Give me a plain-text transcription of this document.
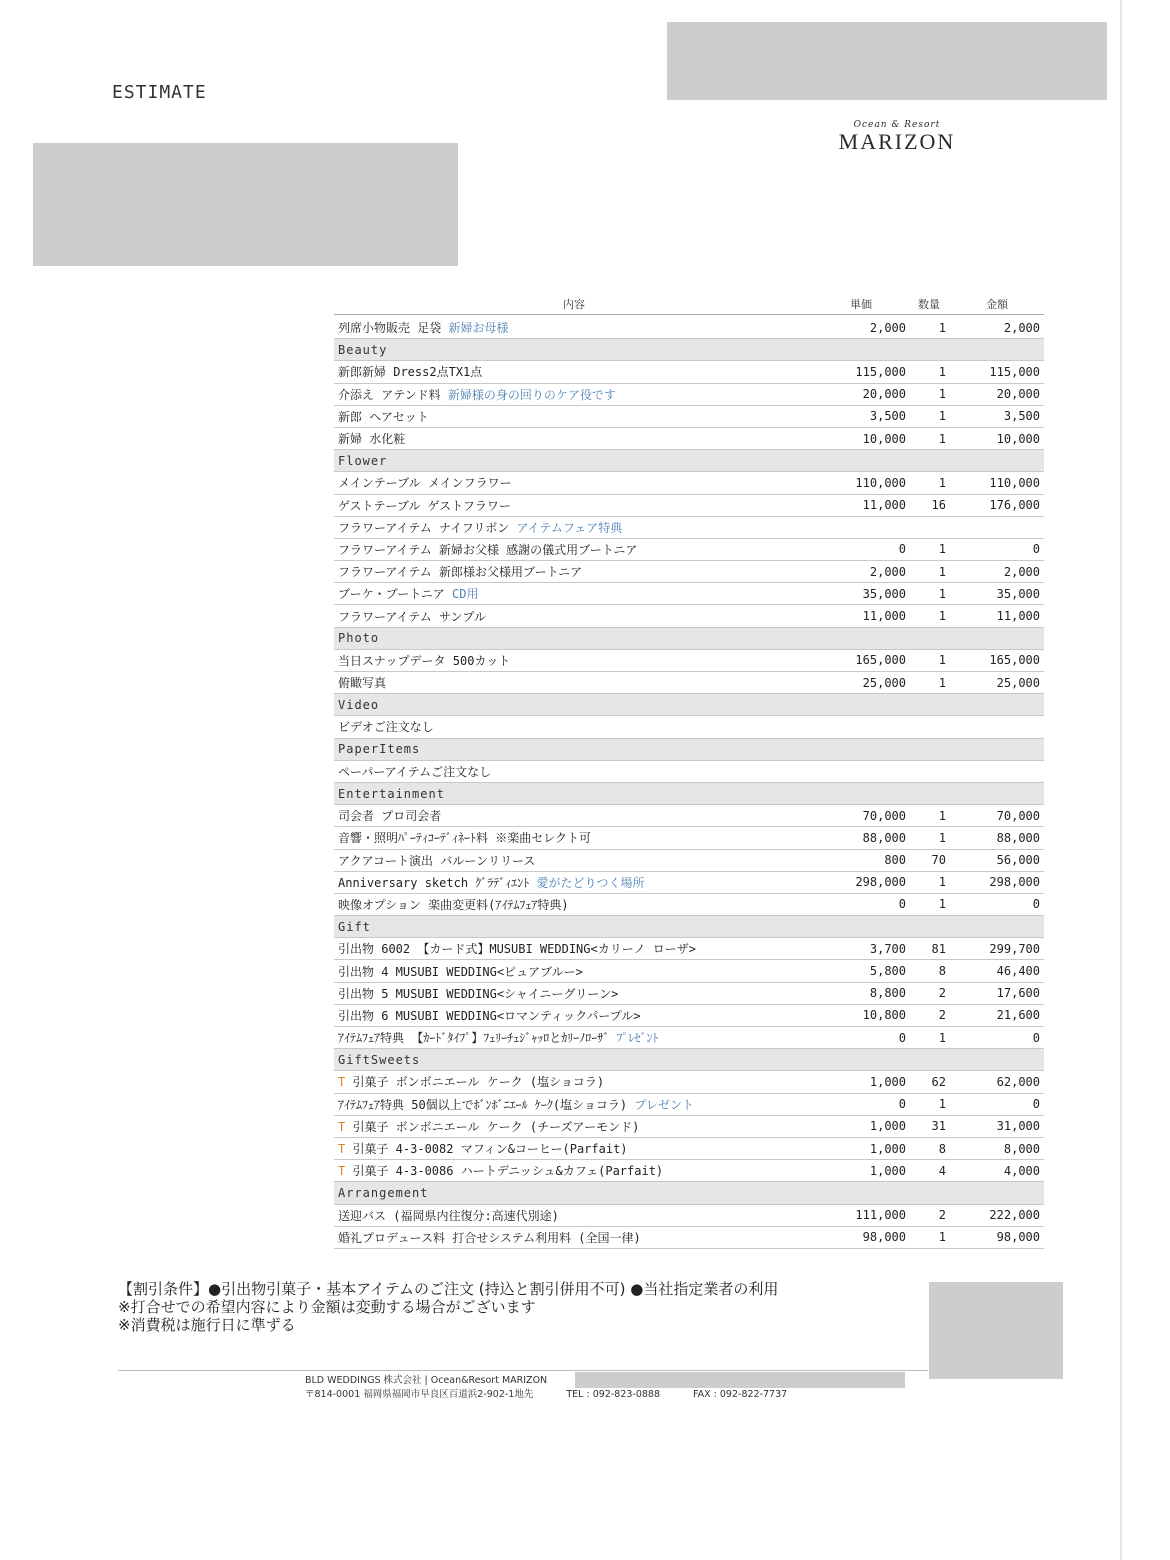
ESTIMATE
Ocean & Resort
MARIZON
内容	単価	数量	金額
列席小物販売 足袋 新婦お母様	2,000	1	2,000
Beauty
新郎新婦 Dress2点TX1点	115,000	1	115,000
介添え アテンド料 新婦様の身の回りのケア役です	20,000	1	20,000
新郎 ヘアセット	3,500	1	3,500
新婦 水化粧	10,000	1	10,000
Flower
メインテーブル メインフラワー	110,000	1	110,000
ゲストテーブル ゲストフラワー	11,000	16	176,000
フラワーアイテム ナイフリボン アイテムフェア特典
フラワーアイテム 新婦お父様 感謝の儀式用ブートニア	0	1	0
フラワーアイテム 新郎様お父様用ブートニア	2,000	1	2,000
ブーケ・ブートニア CD用	35,000	1	35,000
フラワーアイテム サンプル	11,000	1	11,000
Photo
当日スナップデータ 500カット	165,000	1	165,000
俯瞰写真	25,000	1	25,000
Video
ビデオご注文なし
PaperItems
ペーパーアイテムご注文なし
Entertainment
司会者 プロ司会者	70,000	1	70,000
音響・照明ﾊﾟｰﾃｨｺｰﾃﾞｨﾈｰﾄ料 ※楽曲セレクト可	88,000	1	88,000
アクアコート演出 バルーンリリース	800	70	56,000
Anniversary sketch ｸﾞﾗﾃﾞｨｴﾝﾄ 愛がたどりつく場所	298,000	1	298,000
映像オプション 楽曲変更料(ｱｲﾃﾑﾌｪｱ特典)	0	1	0
Gift
引出物 6002 【カード式】MUSUBI WEDDING<カリーノ ローザ>	3,700	81	299,700
引出物 4 MUSUBI WEDDING<ピュアブルー>	5,800	8	46,400
引出物 5 MUSUBI WEDDING<シャイニーグリーン>	8,800	2	17,600
引出物 6 MUSUBI WEDDING<ロマンティックパープル>	10,800	2	21,600
ｱｲﾃﾑﾌｪｱ特典 【ｶｰﾄﾞﾀｲﾌﾟ】ﾌｪﾘｰﾁｪｼﾞｬｯﾛとｶﾘｰﾉﾛｰｻﾞ ﾌﾟﾚｾﾞﾝﾄ	0	1	0
GiftSweets
T 引菓子 ボンボニエール ケーク (塩ショコラ)	1,000	62	62,000
ｱｲﾃﾑﾌｪｱ特典 50個以上でﾎﾞﾝﾎﾞﾆｴｰﾙ ｹｰｸ(塩ショコラ) プレゼント	0	1	0
T 引菓子 ボンボニエール ケーク (チーズアーモンド)	1,000	31	31,000
T 引菓子 4-3-0082 マフィン&コーヒー(Parfait)	1,000	8	8,000
T 引菓子 4-3-0086 ハートデニッシュ&カフェ(Parfait)	1,000	4	4,000
Arrangement
送迎バス (福岡県内往復分:高速代別途)	111,000	2	222,000
婚礼プロデュース料 打合せシステム利用料 (全国一律)	98,000	1	98,000
【割引条件】●引出物引菓子・基本アイテムのご注文 (持込と割引併用不可) ●当社指定業者の利用
※打合せでの希望内容により金額は変動する場合がございます
※消費税は施行日に準ずる
BLD WEDDINGS 株式会社 | Ocean&Resort MARIZON
〒814-0001 福岡県福岡市早良区百道浜2-902-1地先	TEL : 092-823-0888	FAX : 092-822-7737
